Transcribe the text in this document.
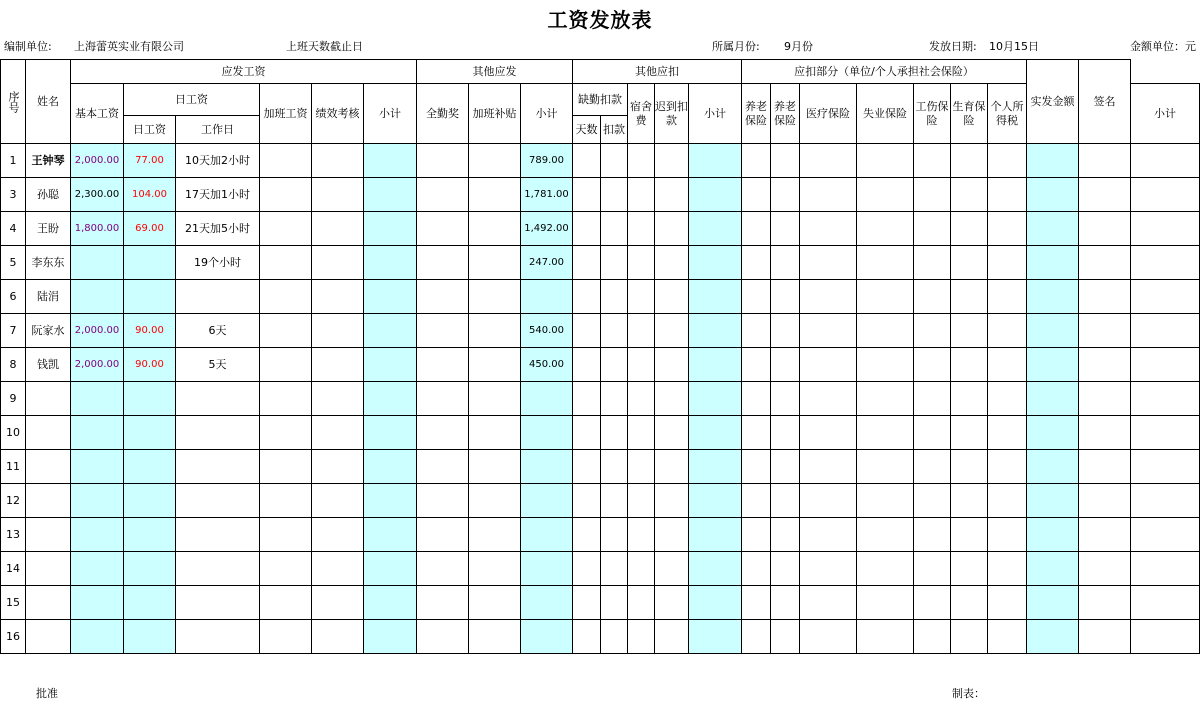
工资发放表
编制单位: 上海蕾英实业有限公司	上班天数截止日	所属月份: 9月份	发放日期: 10月15日	金额单位：元
序号	姓名	应发工资						其他应发			其他应扣					应扣部分（单位/个人承担社会保险）							实发金额	签名	
		基本工资	日工资		加班工资	绩效考核	小计	全勤奖	加班补贴	小计	缺勤扣款		宿舍费	迟到扣款	小计	养老保险	养老保险	医疗保险	失业保险	工伤保险	生育保险	个人所得税			小计
			日工资	工作日							天数	扣款													
1	王钟琴	2,000.00	77.00	10天加2小时						789.00															
3	孙聪	2,300.00	104.00	17天加1小时						1,781.00															
4	王盼	1,800.00	69.00	21天加5小时						1,492.00															
5	李东东			19个小时						247.00															
6	陆涓																								
7	阮家水	2,000.00	90.00	6天						540.00															
8	钱凯	2,000.00	90.00	5天						450.00															
9																									
10																									
11																									
12																									
13																									
14																									
15																									
16																									
批准	制表：
